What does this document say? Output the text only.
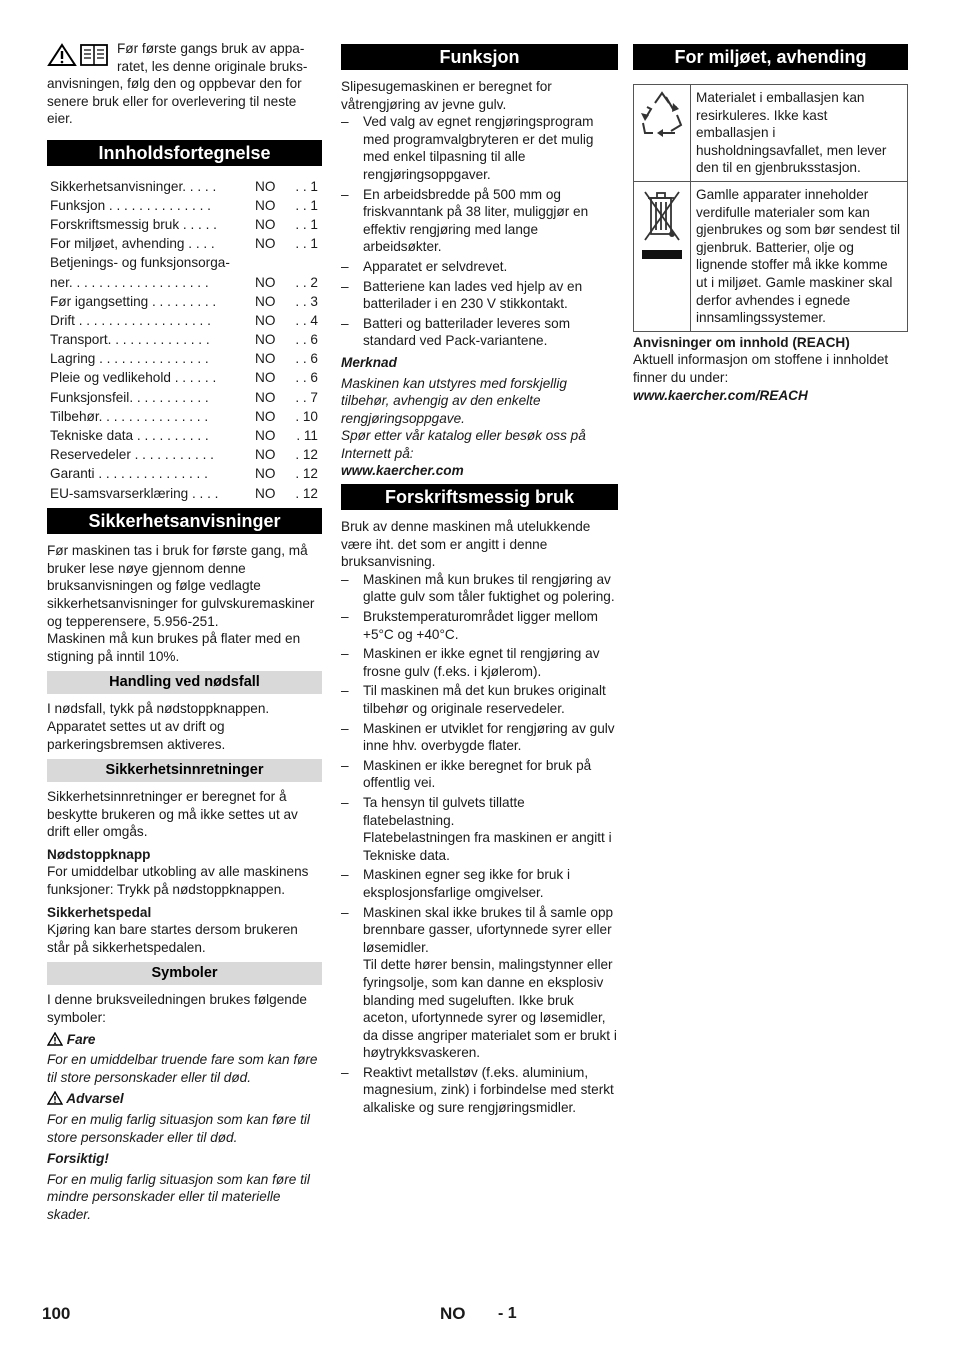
Før første gangs bruk av appa-

ratet, les denne originale bruks-

anvisningen, følg den og oppbevar den for senere bruk eller for overlevering til neste eier.

Innholdsfortegnelse
Sikkerhetsanvisninger. . . . .	NO	. . 1
Funksjon . . . . . . . . . . . . . .	NO	. . 1
Forskriftsmessig bruk . . . . .	NO	. . 1
For miljøet, avhending . . . .	NO	. . 1
Betjenings- og funksjonsorga-		
ner. . . . . . . . . . . . . . . . . . .	NO	. . 2
Før igangsetting . . . . . . . . .	NO	. . 3
Drift . . . . . . . . . . . . . . . . . .	NO	. . 4
Transport. . . . . . . . . . . . . .	NO	. . 6
Lagring . . . . . . . . . . . . . . .	NO	. . 6
Pleie og vedlikehold . . . . . .	NO	. . 6
Funksjonsfeil. . . . . . . . . . .	NO	. . 7
Tilbehør. . . . . . . . . . . . . . .	NO	. 10
Tekniske data . . . . . . . . . .	NO	. 11
Reservedeler . . . . . . . . . . .	NO	. 12
Garanti . . . . . . . . . . . . . . .	NO	. 12
EU-samsvarserklæring . . . .	NO	. 12
Sikkerhetsanvisninger

Før maskinen tas i bruk for første gang, må bruker lese nøye gjennom denne bruksanvisningen og følge vedlagte sikkerhetsanvisninger for gulvskuremaskiner og tepperensere, 5.956-251.

Maskinen må kun brukes på flater med en stigning på inntil 10%.

Handling ved nødsfall

I nødsfall, tykk på nødstoppknappen. Apparatet settes ut av drift og parkeringsbremsen aktiveres.

Sikkerhetsinnretninger

Sikkerhetsinnretninger er beregnet for å beskytte brukeren og må ikke settes ut av drift eller omgås.

Nødstoppknapp

For umiddelbar utkobling av alle maskinens funksjoner: Trykk på nødstoppknappen.

Sikkerhetspedal

Kjøring kan bare startes dersom brukeren står på sikkerhetspedalen.

Symboler

I denne bruksveiledningen brukes følgende symboler:

Fare

For en umiddelbar truende fare som kan føre til store personskader eller til død.

Advarsel

For en mulig farlig situasjon som kan føre til store personskader eller til død.

Forsiktig!

For en mulig farlig situasjon som kan føre til mindre personskader eller til materielle skader.

Funksjon

Slipesugemaskinen er beregnet for våtrengjøring av jevne gulv.

– Ved valg av egnet rengjøringsprogram med programvalgbryteren er det mulig med enkel tilpasning til alle rengjøringsoppgaver.
– En arbeidsbredde på 500 mm og friskvanntank på 38 liter, muliggjør en effektiv rengjøring med lange arbeidsøkter.
– Apparatet er selvdrevet.
– Batteriene kan lades ved hjelp av en batterilader i en 230 V stikkontakt.
– Batteri og batterilader leveres som standard ved Pack-variantene.

Merknad

Maskinen kan utstyres med forskjellig tilbehør, avhengig av den enkelte rengjøringsoppgave.

Spør etter vår katalog eller besøk oss på Internett på:

www.kaercher.com

Forskriftsmessig bruk

Bruk av denne maskinen må utelukkende være iht. det som er angitt i denne bruksanvisning.

– Maskinen må kun brukes til rengjøring av glatte gulv som tåler fuktighet og polering.
– Brukstemperaturområdet ligger mellom +5°C og +40°C.
– Maskinen er ikke egnet til rengjøring av frosne gulv (f.eks. i kjølerom).
– Til maskinen må det kun brukes originalt tilbehør og originale reservedeler.
– Maskinen er utviklet for rengjøring av gulv inne hhv. overbygde flater.
– Maskinen er ikke beregnet for bruk på offentlig vei.
– Ta hensyn til gulvets tillatte flatebelastning.
Flatebelastningen fra maskinen er angitt i Tekniske data.
– Maskinen egner seg ikke for bruk i eksplosjonsfarlige omgivelser.
– Maskinen skal ikke brukes til å samle opp brennbare gasser, ufortynnede syrer eller løsemidler.
Til dette hører bensin, malingstynner eller fyringsolje, som kan danne en eksplosiv blanding med sugeluften. Ikke bruk aceton, ufortynnede syrer og løsemidler, da disse angriper materialet som er brukt i høytrykksvaskeren.
– Reaktivt metallstøv (f.eks. aluminium, magnesium, zink) i forbindelse med sterkt alkaliske og sure rengjøringsmidler.
For miljøet, avhending
	Materialet i emballasjen kan resirkuleres. Ikke kast emballasjen i husholdningsavfallet, men lever den til en gjenbruksstasjon.
	Gamlle apparater inneholder verdifulle materialer som kan gjenbrukes og som bør sendest til gjenbruk. Batterier, olje og lignende stoffer må ikke komme ut i miljøet. Gamle maskiner skal derfor avhendes i egnede innsamlingssystemer.

Anvisninger om innhold (REACH)

Aktuell informasjon om stoffene i innholdet finner du under:

www.kaercher.com/REACH

100	NO - 1
